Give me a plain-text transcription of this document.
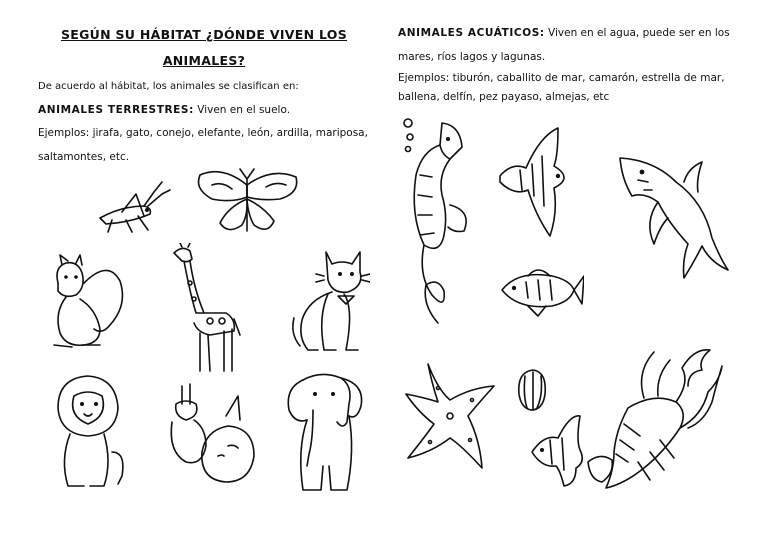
SEGÚN SU HÁBITAT ¿DÓNDE VIVEN LOS
ANIMALES?
De acuerdo al hábitat, los animales se clasifican en:
ANIMALES TERRESTRES: Viven en el suelo.
Ejemplos: jirafa, gato, conejo, elefante, león, ardilla, mariposa,
saltamontes, etc.
ANIMALES ACUÁTICOS: Viven en el agua, puede ser en los
mares, ríos lagos y lagunas.
Ejemplos: tiburón, caballito de mar, camarón, estrella de mar,
ballena, delfín, pez payaso, almejas, etc
